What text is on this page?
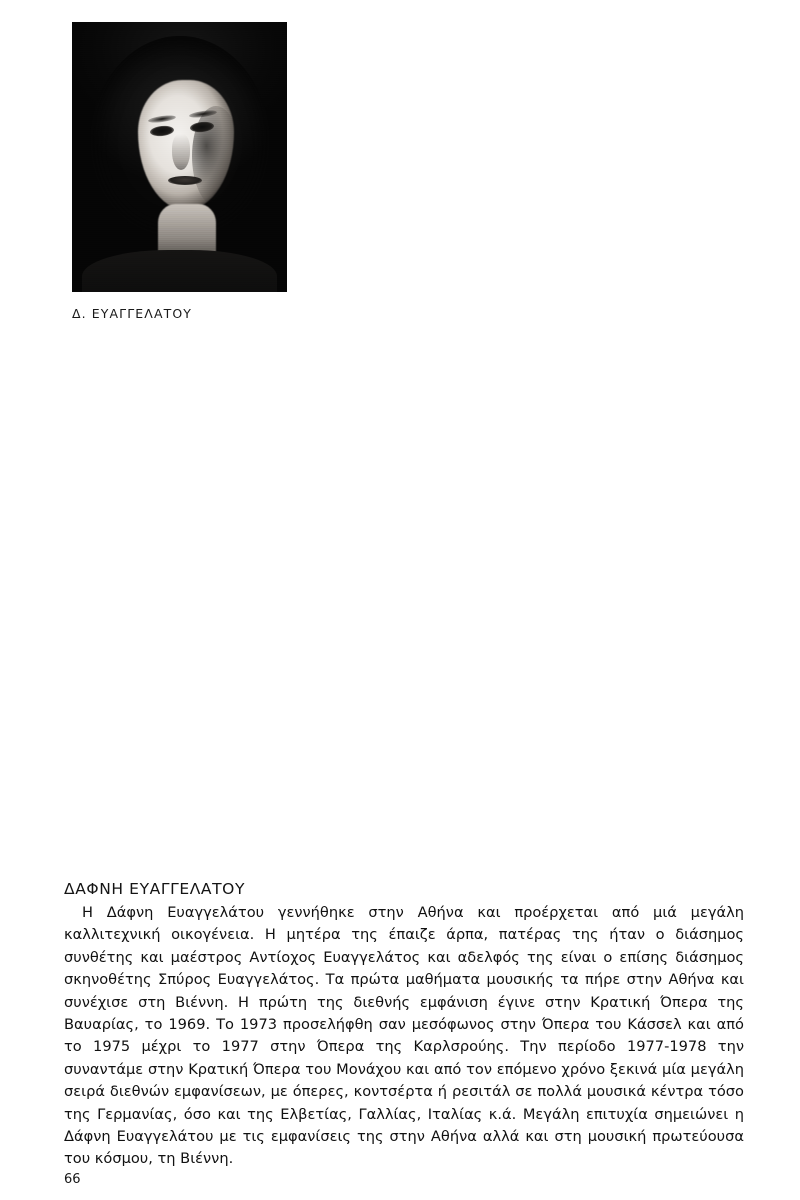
Δ. ΕΥΑΓΓΕΛΑΤΟΥ
ΔΑΦΝΗ ΕΥΑΓΓΕΛΑΤΟΥ
Η Δάφνη Ευαγγελάτου γεννήθηκε στην Αθήνα και προέρχεται από μιά μεγάλη καλλιτεχνική οικογένεια. Η μητέρα της έπαιζε άρπα, πατέρας της ήταν ο διάσημος συνθέτης και μαέστρος Αντίοχος Ευαγγελάτος και αδελφός της είναι ο επίσης διάσημος σκηνοθέτης Σπύρος Ευαγγελάτος. Τα πρώτα μαθήματα μουσικής τα πήρε στην Αθήνα και συνέχισε στη Βιέννη. Η πρώτη της διεθνής εμφάνιση έγινε στην Κρατική Όπερα της Βαυαρίας, το 1969. Το 1973 προσελήφθη σαν μεσόφωνος στην Όπερα του Κάσσελ και από το 1975 μέχρι το 1977 στην Όπερα της Καρλσρούης. Την περίοδο 1977-1978 την συναντάμε στην Κρατική Όπερα του Μονάχου και από τον επόμενο χρόνο ξεκινά μία μεγάλη σειρά διεθνών εμφανίσεων, με όπερες, κοντσέρτα ή ρεσιτάλ σε πολλά μουσικά κέντρα τόσο της Γερμανίας, όσο και της Ελβετίας, Γαλλίας, Ιταλίας κ.ά. Μεγάλη επιτυχία σημειώνει η Δάφνη Ευαγγελάτου με τις εμφανίσεις της στην Αθήνα αλλά και στη μουσική πρωτεύουσα του κόσμου, τη Βιέννη.
66
